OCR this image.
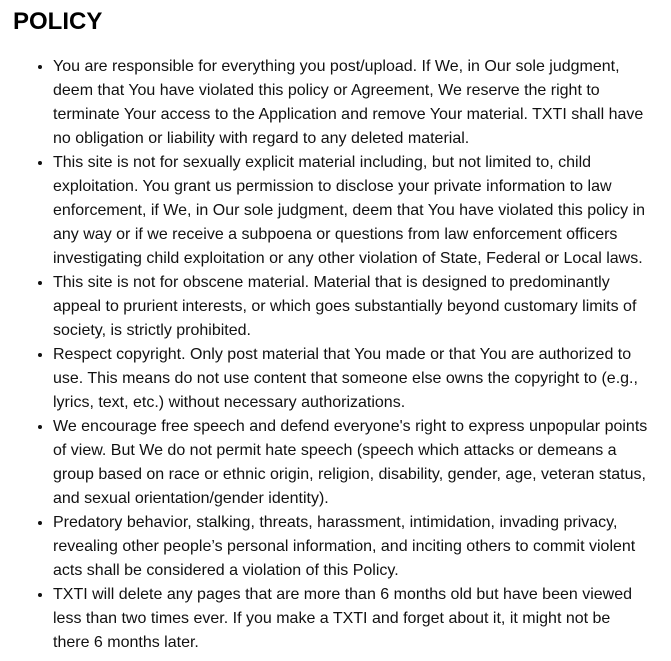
POLICY
• You are responsible for everything you post/upload. If We, in Our sole judgment, deem that You have violated this policy or Agreement, We reserve the right to terminate Your access to the Application and remove Your material. TXTI shall have no obligation or liability with regard to any deleted material.
• This site is not for sexually explicit material including, but not limited to, child exploitation. You grant us permission to disclose your private information to law enforcement, if We, in Our sole judgment, deem that You have violated this policy in any way or if we receive a subpoena or questions from law enforcement officers investigating child exploitation or any other violation of State, Federal or Local laws.
• This site is not for obscene material. Material that is designed to predominantly appeal to prurient interests, or which goes substantially beyond customary limits of society, is strictly prohibited.
• Respect copyright. Only post material that You made or that You are authorized to use. This means do not use content that someone else owns the copyright to (e.g., lyrics, text, etc.) without necessary authorizations.
• We encourage free speech and defend everyone's right to express unpopular points of view. But We do not permit hate speech (speech which attacks or demeans a group based on race or ethnic origin, religion, disability, gender, age, veteran status, and sexual orientation/gender identity).
• Predatory behavior, stalking, threats, harassment, intimidation, invading privacy, revealing other people’s personal information, and inciting others to commit violent acts shall be considered a violation of this Policy.
• TXTI will delete any pages that are more than 6 months old but have been viewed less than two times ever. If you make a TXTI and forget about it, it might not be there 6 months later.
